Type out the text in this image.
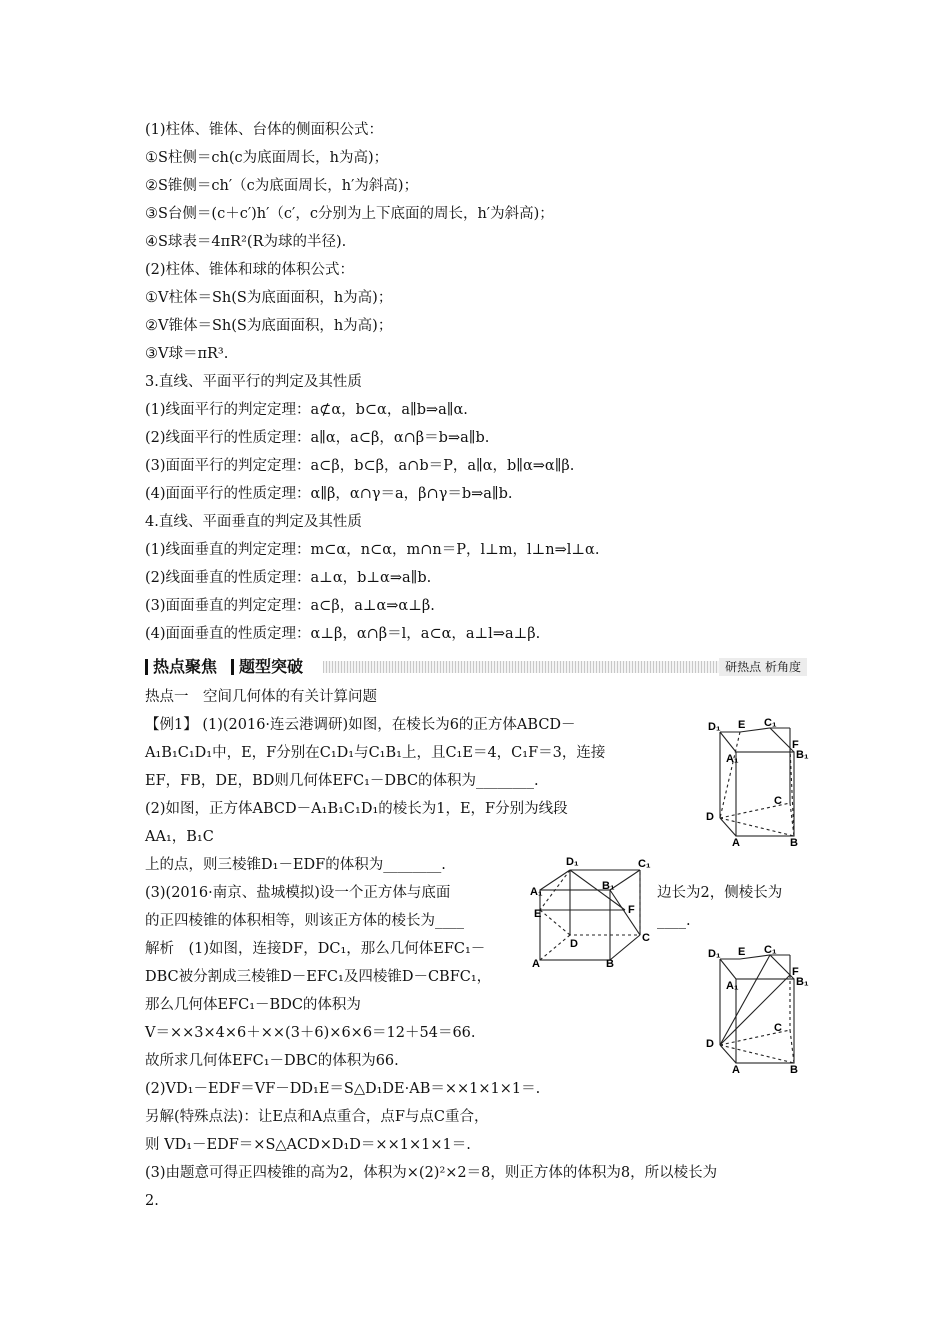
(1)柱体、锥体、台体的侧面积公式：
①S柱侧＝ch(c为底面周长，h为高)；
②S锥侧＝ch′（c为底面周长，h′为斜高)；
③S台侧＝(c＋c′)h′（c′，c分别为上下底面的周长，h′为斜高)；
④S球表＝4πR²(R为球的半径).
(2)柱体、锥体和球的体积公式：
①V柱体＝Sh(S为底面面积，h为高)；
②V锥体＝Sh(S为底面面积，h为高)；
③V球＝πR³.
3.直线、平面平行的判定及其性质
(1)线面平行的判定定理：a⊄α，b⊂α，a∥b⇒a∥α.
(2)线面平行的性质定理：a∥α，a⊂β，α∩β＝b⇒a∥b.
(3)面面平行的判定定理：a⊂β，b⊂β，a∩b＝P，a∥α，b∥α⇒α∥β.
(4)面面平行的性质定理：α∥β，α∩γ＝a，β∩γ＝b⇒a∥b.
4.直线、平面垂直的判定及其性质
(1)线面垂直的判定定理：m⊂α，n⊂α，m∩n＝P，l⊥m，l⊥n⇒l⊥α.
(2)线面垂直的性质定理：a⊥α，b⊥α⇒a∥b.
(3)面面垂直的判定定理：a⊂β，a⊥α⇒α⊥β.
(4)面面垂直的性质定理：α⊥β，α∩β＝l，a⊂α，a⊥l⇒a⊥β.
热点聚焦 题型突破	研热点 析角度
热点一　空间几何体的有关计算问题
【例1】 (1)(2016·连云港调研)如图，在棱长为6的正方体ABCD－
A₁B₁C₁D₁中，E，F分别在C₁D₁与C₁B₁上，且C₁E＝4，C₁F＝3，连接
EF，FB，DE，BD则几何体EFC₁－DBC的体积为________.
(2)如图，正方体ABCD－A₁B₁C₁D₁的棱长为1，E，F分别为线段
AA₁，B₁C
上的点，则三棱锥D₁－EDF的体积为________.
(3)(2016·南京、盐城模拟)设一个正方体与底面
的正四棱锥的体积相等，则该正方体的棱长为____
解析　(1)如图，连接DF，DC₁，那么几何体EFC₁－
DBC被分割成三棱锥D－EFC₁及四棱锥D－CBFC₁，
那么几何体EFC₁－BDC的体积为
V＝××3×4×6＋××(3＋6)×6×6＝12＋54＝66.
故所求几何体EFC₁－DBC的体积为66.
(2)VD₁－EDF＝VF－DD₁E＝S△D₁DE·AB＝××1×1×1＝.
另解(特殊点法)：让E点和A点重合，点F与点C重合，
则 VD₁－EDF＝×S△ACD×D₁D＝××1×1×1＝.
(3)由题意可得正四棱锥的高为2，体积为×(2)²×2＝8，则正方体的体积为8，所以棱长为
2.
边长为2，侧棱长为
____.
D₁ E C₁
F
B₁
A₁
D
C
A	B
D₁	C₁
A₁	B₁
E	F
D	C
A	B
D₁ E C₁
F
A₁	B₁
D
C
A	B
